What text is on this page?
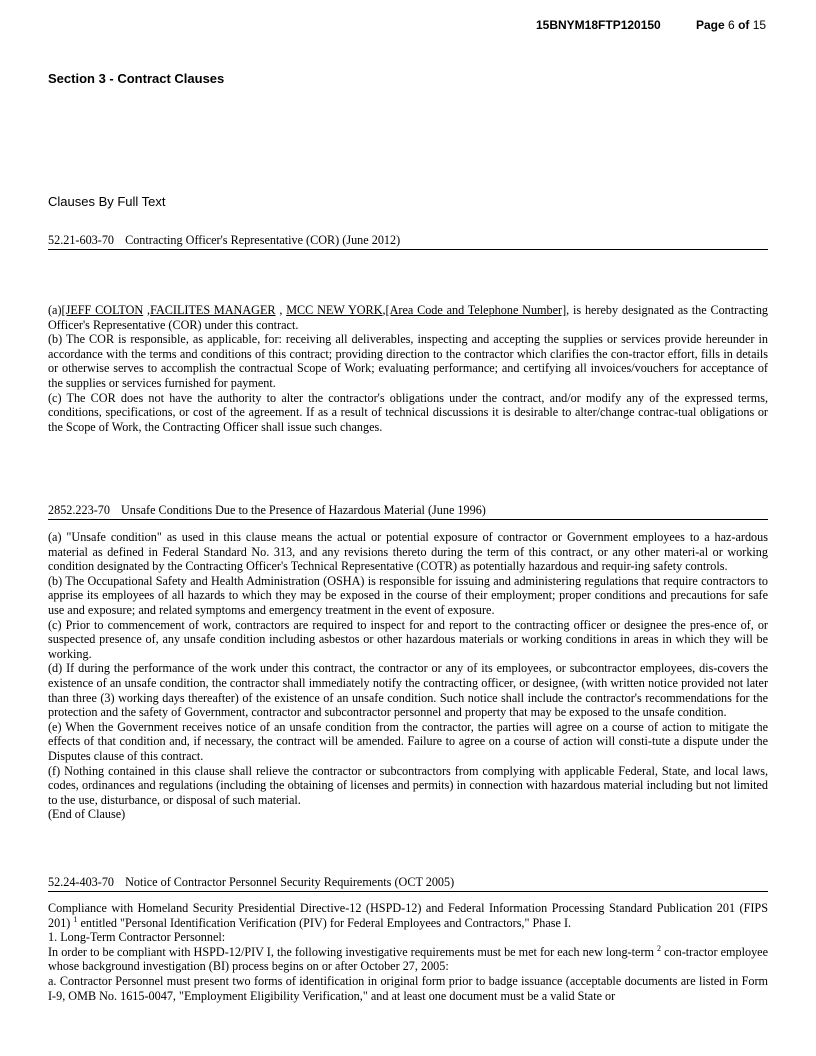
15BNYM18FTP120150	Page 6 of 15
Section 3 - Contract Clauses
Clauses By Full Text
52.21-603-70 Contracting Officer's Representative (COR) (June 2012)

(a)[JEFF COLTON ,FACILITES MANAGER , MCC NEW YORK,[Area Code and Telephone Number], is hereby designated as the Contracting Officer's Representative (COR) under this contract.

(b) The COR is responsible, as applicable, for: receiving all deliverables, inspecting and accepting the supplies or services provide hereunder in accordance with the terms and conditions of this contract; providing direction to the contractor which clarifies the con-tractor effort, fills in details or otherwise serves to accomplish the contractual Scope of Work; evaluating performance; and certifying all invoices/vouchers for acceptance of the supplies or services furnished for payment.

(c) The COR does not have the authority to alter the contractor's obligations under the contract, and/or modify any of the expressed terms, conditions, specifications, or cost of the agreement. If as a result of technical discussions it is desirable to alter/change contrac-tual obligations or the Scope of Work, the Contracting Officer shall issue such changes.

2852.223-70 Unsafe Conditions Due to the Presence of Hazardous Material (June 1996)

(a) "Unsafe condition" as used in this clause means the actual or potential exposure of contractor or Government employees to a haz-ardous material as defined in Federal Standard No. 313, and any revisions thereto during the term of this contract, or any other materi-al or working condition designated by the Contracting Officer's Technical Representative (COTR) as potentially hazardous and requir-ing safety controls.

(b) The Occupational Safety and Health Administration (OSHA) is responsible for issuing and administering regulations that require contractors to apprise its employees of all hazards to which they may be exposed in the course of their employment; proper conditions and precautions for safe use and exposure; and related symptoms and emergency treatment in the event of exposure.

(c) Prior to commencement of work, contractors are required to inspect for and report to the contracting officer or designee the pres-ence of, or suspected presence of, any unsafe condition including asbestos or other hazardous materials or working conditions in areas in which they will be working.

(d) If during the performance of the work under this contract, the contractor or any of its employees, or subcontractor employees, dis-covers the existence of an unsafe condition, the contractor shall immediately notify the contracting officer, or designee, (with written notice provided not later than three (3) working days thereafter) of the existence of an unsafe condition. Such notice shall include the contractor's recommendations for the protection and the safety of Government, contractor and subcontractor personnel and property that may be exposed to the unsafe condition.

(e) When the Government receives notice of an unsafe condition from the contractor, the parties will agree on a course of action to mitigate the effects of that condition and, if necessary, the contract will be amended. Failure to agree on a course of action will consti-tute a dispute under the Disputes clause of this contract.

(f) Nothing contained in this clause shall relieve the contractor or subcontractors from complying with applicable Federal, State, and local laws, codes, ordinances and regulations (including the obtaining of licenses and permits) in connection with hazardous material including but not limited to the use, disturbance, or disposal of such material.

(End of Clause)

52.24-403-70 Notice of Contractor Personnel Security Requirements (OCT 2005)

Compliance with Homeland Security Presidential Directive-12 (HSPD-12) and Federal Information Processing Standard Publication 201 (FIPS 201) $^1$ entitled "Personal Identification Verification (PIV) for Federal Employees and Contractors," Phase I.

1. Long-Term Contractor Personnel:

In order to be compliant with HSPD-12/PIV I, the following investigative requirements must be met for each new long-term $^2$ con-tractor employee whose background investigation (BI) process begins on or after October 27, 2005:

a. Contractor Personnel must present two forms of identification in original form prior to badge issuance (acceptable documents are listed in Form I-9, OMB No. 1615-0047, "Employment Eligibility Verification," and at least one document must be a valid State or
